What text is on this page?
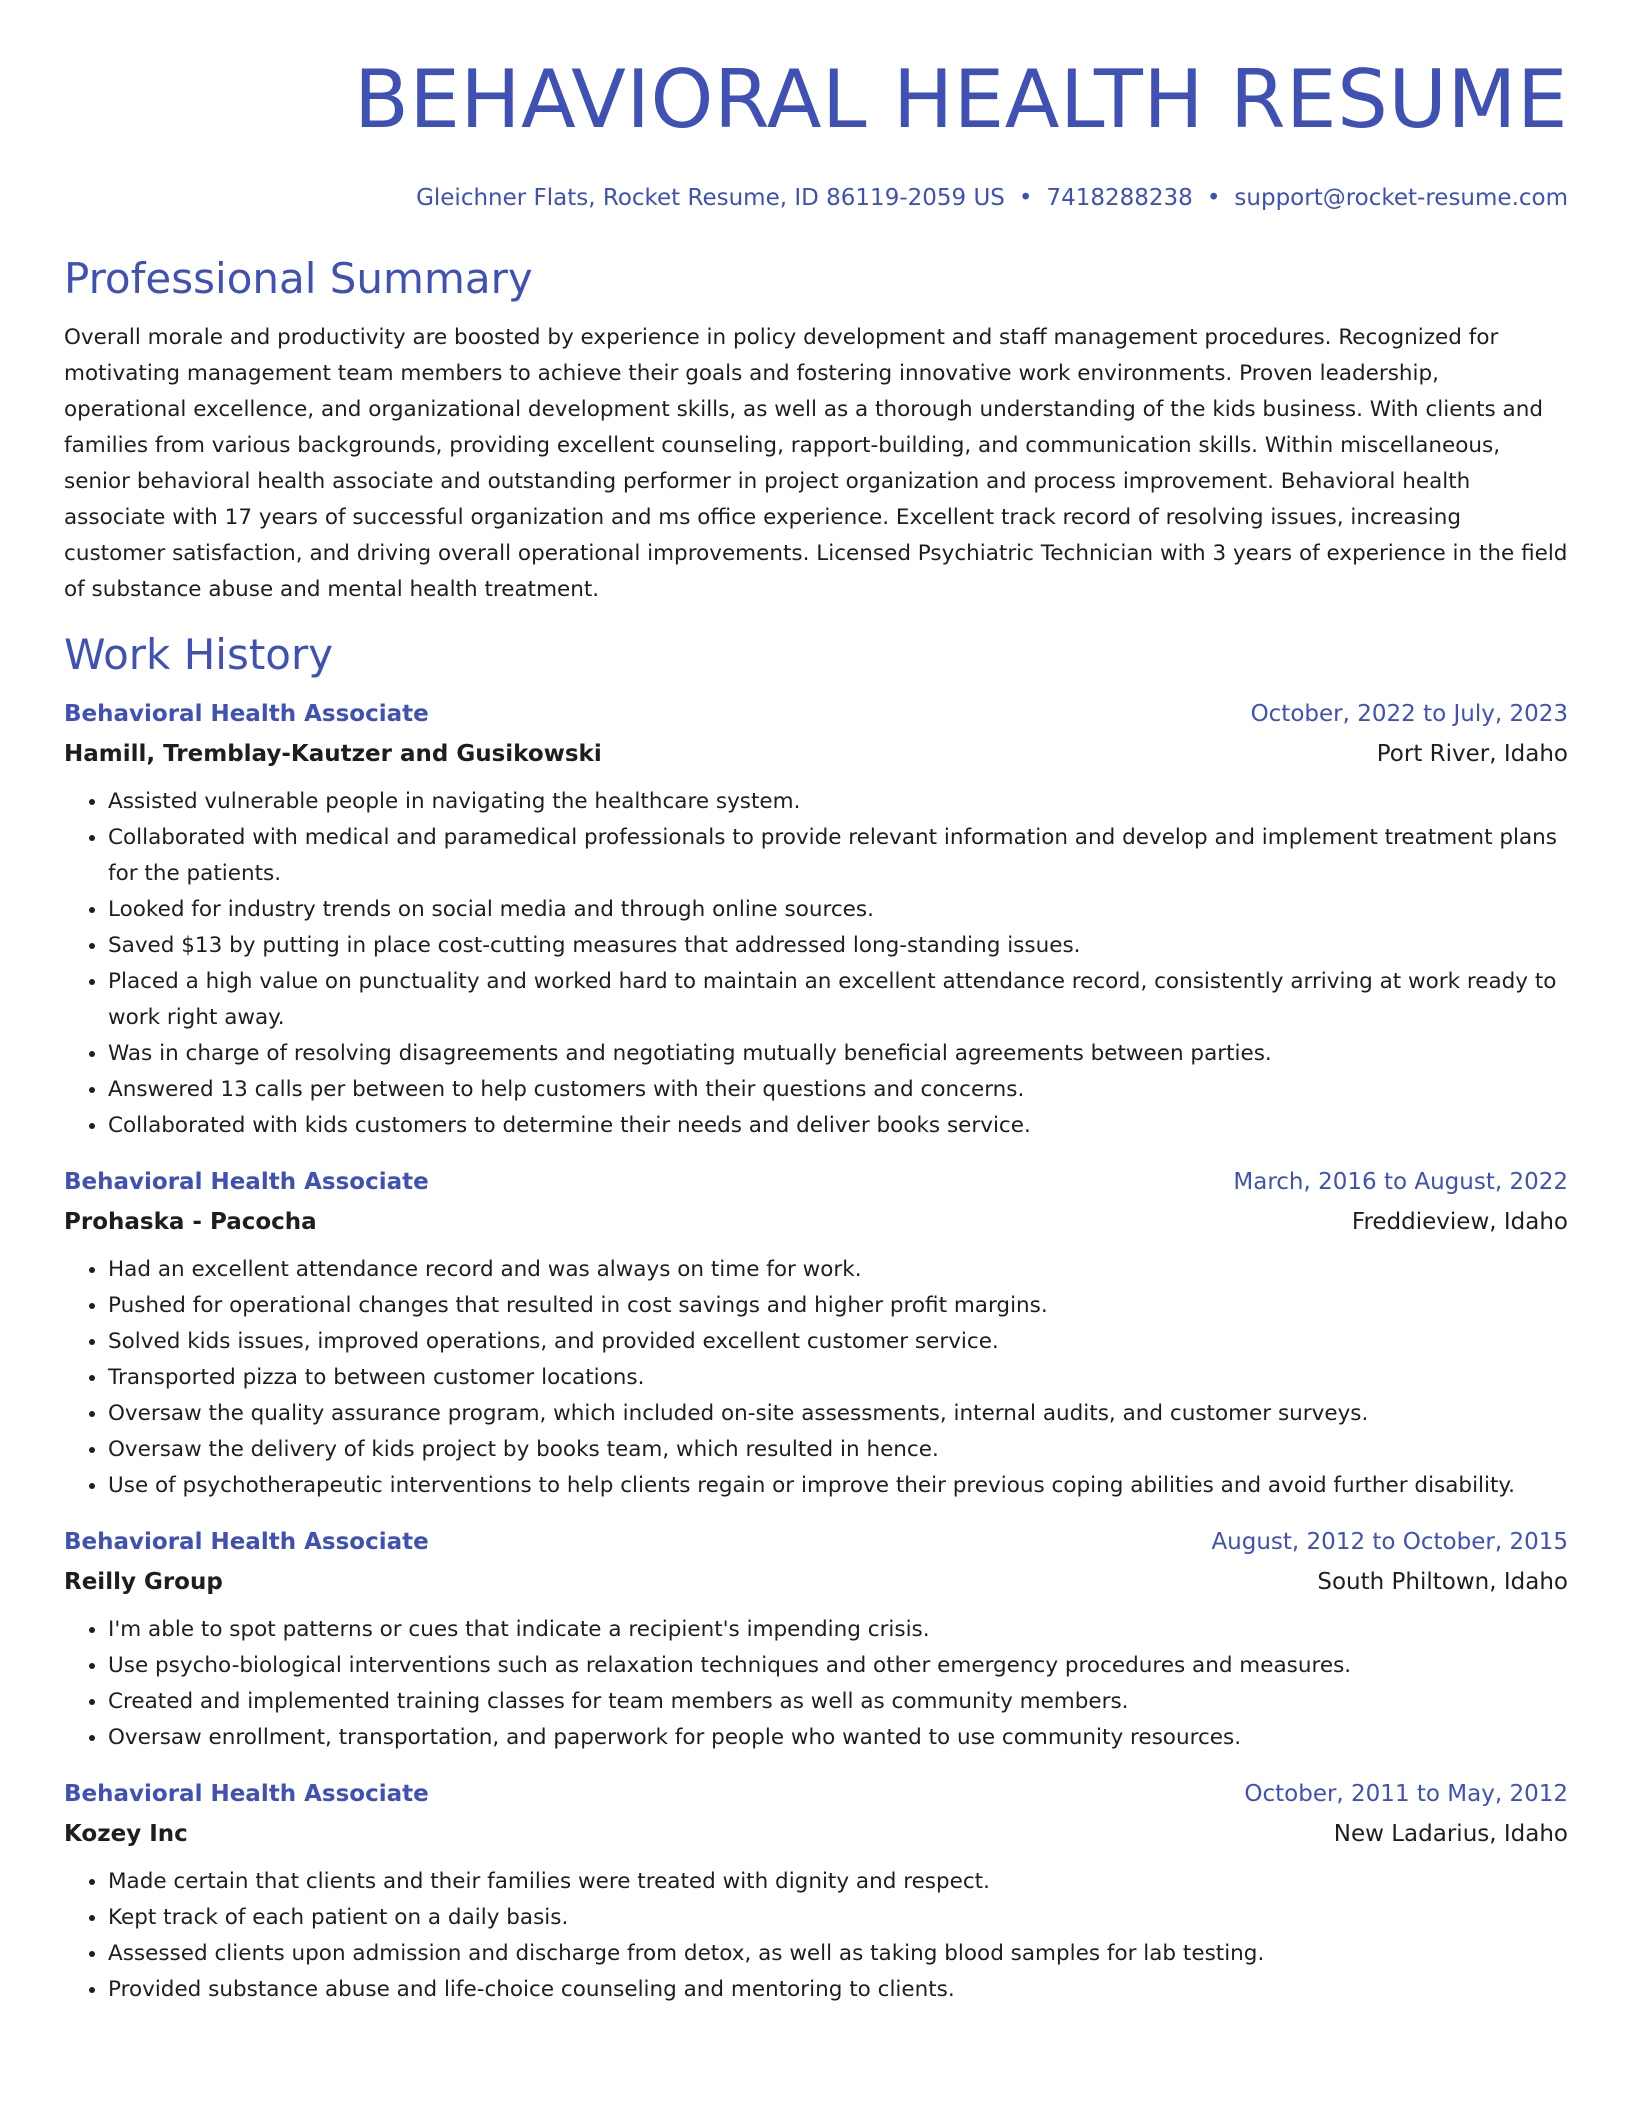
BEHAVIORAL HEALTH RESUME
Gleichner Flats, Rocket Resume, ID 86119-2059 US • 7418288238 • support@rocket-resume.com
Professional Summary
Overall morale and productivity are boosted by experience in policy development and staff management procedures. Recognized for motivating management team members to achieve their goals and fostering innovative work environments. Proven leadership, operational excellence, and organizational development skills, as well as a thorough understanding of the kids business. With clients and families from various backgrounds, providing excellent counseling, rapport-building, and communication skills. Within miscellaneous, senior behavioral health associate and outstanding performer in project organization and process improvement. Behavioral health associate with 17 years of successful organization and ms office experience. Excellent track record of resolving issues, increasing customer satisfaction, and driving overall operational improvements. Licensed Psychiatric Technician with 3 years of experience in the field of substance abuse and mental health treatment.
Work History
Behavioral Health Associate	October, 2022 to July, 2023
Hamill, Tremblay-Kautzer and Gusikowski	Port River, Idaho
• Assisted vulnerable people in navigating the healthcare system.
• Collaborated with medical and paramedical professionals to provide relevant information and develop and implement treatment plans for the patients.
• Looked for industry trends on social media and through online sources.
• Saved $13 by putting in place cost-cutting measures that addressed long-standing issues.
• Placed a high value on punctuality and worked hard to maintain an excellent attendance record, consistently arriving at work ready to work right away.
• Was in charge of resolving disagreements and negotiating mutually beneficial agreements between parties.
• Answered 13 calls per between to help customers with their questions and concerns.
• Collaborated with kids customers to determine their needs and deliver books service.
Behavioral Health Associate	March, 2016 to August, 2022
Prohaska - Pacocha	Freddieview, Idaho
• Had an excellent attendance record and was always on time for work.
• Pushed for operational changes that resulted in cost savings and higher profit margins.
• Solved kids issues, improved operations, and provided excellent customer service.
• Transported pizza to between customer locations.
• Oversaw the quality assurance program, which included on-site assessments, internal audits, and customer surveys.
• Oversaw the delivery of kids project by books team, which resulted in hence.
• Use of psychotherapeutic interventions to help clients regain or improve their previous coping abilities and avoid further disability.
Behavioral Health Associate	August, 2012 to October, 2015
Reilly Group	South Philtown, Idaho
• I'm able to spot patterns or cues that indicate a recipient's impending crisis.
• Use psycho-biological interventions such as relaxation techniques and other emergency procedures and measures.
• Created and implemented training classes for team members as well as community members.
• Oversaw enrollment, transportation, and paperwork for people who wanted to use community resources.
Behavioral Health Associate	October, 2011 to May, 2012
Kozey Inc	New Ladarius, Idaho
• Made certain that clients and their families were treated with dignity and respect.
• Kept track of each patient on a daily basis.
• Assessed clients upon admission and discharge from detox, as well as taking blood samples for lab testing.
• Provided substance abuse and life-choice counseling and mentoring to clients.
